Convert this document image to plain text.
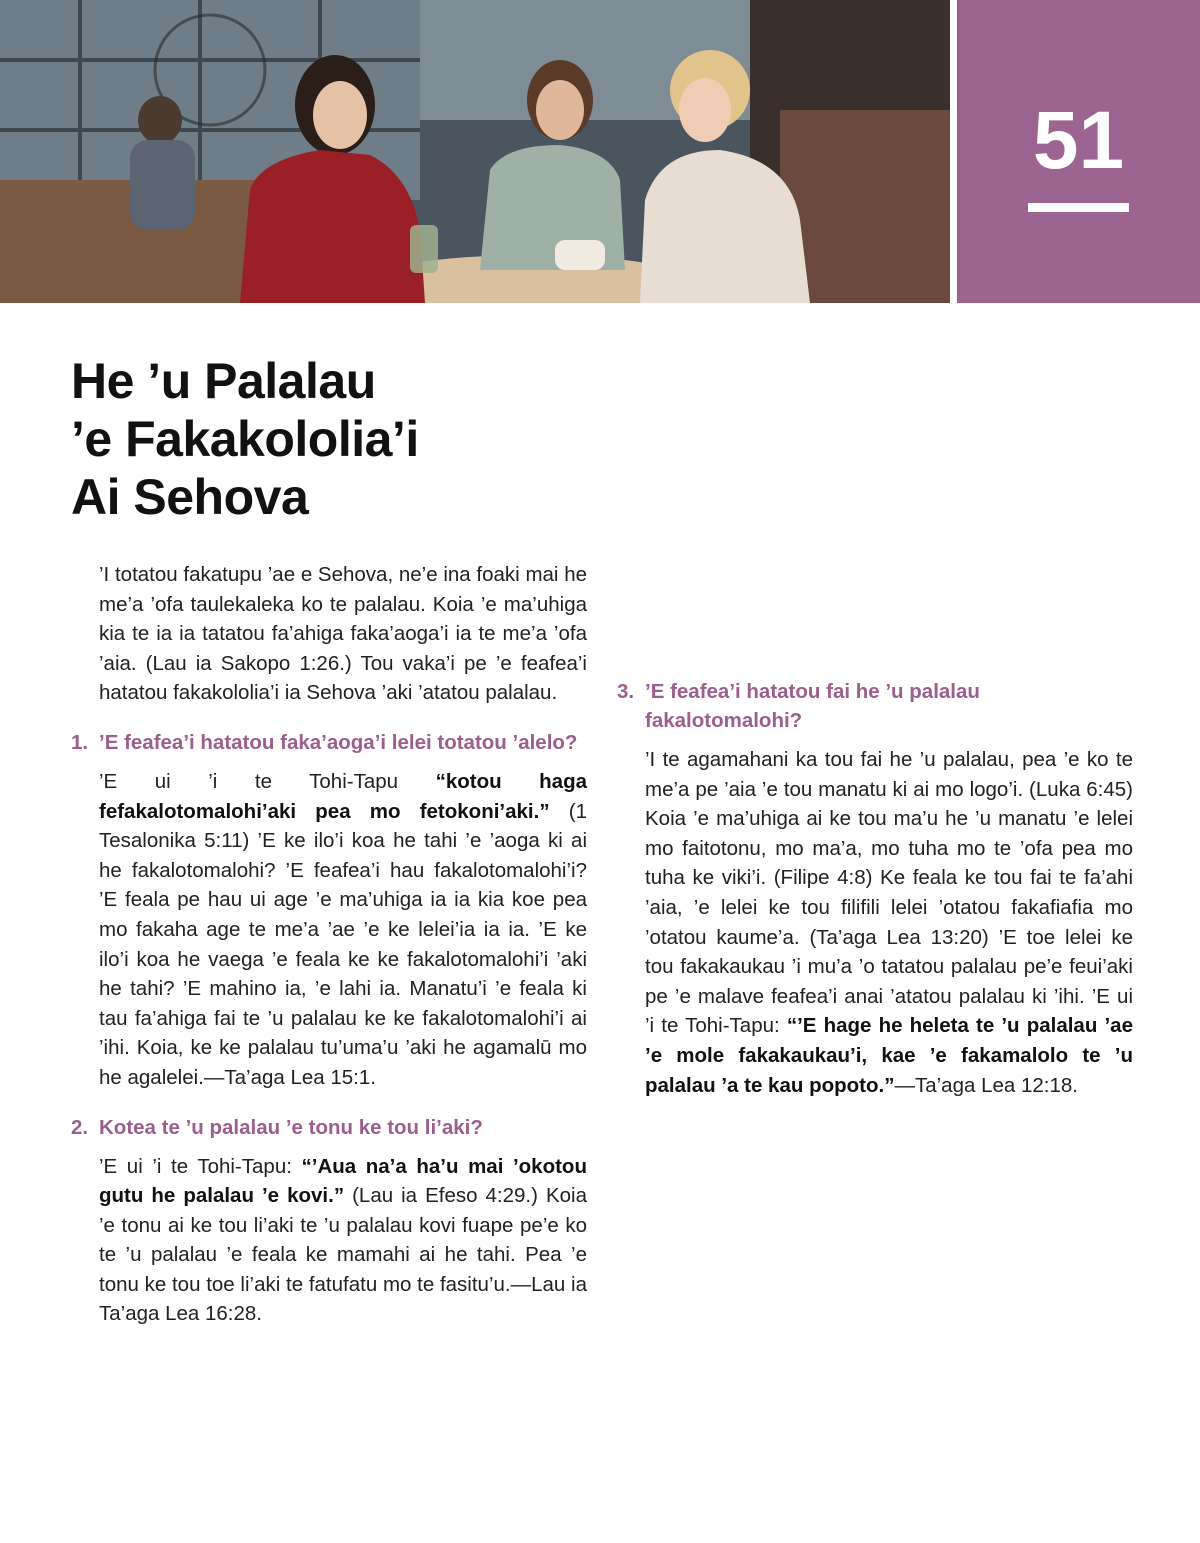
51
He ’u Palalau
’e Fakakololia’i
Ai Sehova

’I totatou fakatupu ’ae e Sehova, ne’e ina foaki mai he me’a ’ofa taulekaleka ko te palalau. Koia ’e ma’uhiga kia te ia ia tatatou fa’ahiga faka’aoga’i ia te me’a ’ofa ’aia. (Lau ia Sakopo 1:26.) Tou vaka’i pe ’e feafea’i hatatou fakakololia’i ia Sehova ’aki ’atatou palalau.

1. ’E feafea’i hatatou faka’aoga’i lelei totatou ’alelo?

’E ui ’i te Tohi-Tapu “kotou haga fefakalotomalohi’aki pea mo fetokoni’aki.” (1 Tesalonika 5:11) ’E ke ilo’i koa he tahi ’e ’aoga ki ai he fakalotomalohi? ’E feafea’i hau fakalotomalohi’i? ’E feala pe hau ui age ’e ma’uhiga ia ia kia koe pea mo fakaha age te me’a ’ae ’e ke lelei’ia ia ia. ’E ke ilo’i koa he vaega ’e feala ke ke fakalotomalohi’i ’aki he tahi? ’E mahino ia, ’e lahi ia. Manatu’i ’e feala ki tau fa’ahiga fai te ’u palalau ke ke fakalotomalohi’i ai ’ihi. Koia, ke ke palalau tu’uma’u ’aki he agamalū mo he agalelei.—Ta’aga Lea 15:1.

2. Kotea te ’u palalau ’e tonu ke tou li’aki?

’E ui ’i te Tohi-Tapu: “’Aua na’a ha’u mai ’okotou gutu he palalau ’e kovi.” (Lau ia Efeso 4:29.) Koia ’e tonu ai ke tou li’aki te ’u palalau kovi fuape pe’e ko te ’u palalau ’e feala ke mamahi ai he tahi. Pea ’e tonu ke tou toe li’aki te fatufatu mo te fasitu’u.—Lau ia Ta’aga Lea 16:28.

3. ’E feafea’i hatatou fai he ’u palalau fakalotomalohi?

’I te agamahani ka tou fai he ’u palalau, pea ’e ko te me’a pe ’aia ’e tou manatu ki ai mo logo’i. (Luka 6:45) Koia ’e ma’uhiga ai ke tou ma’u he ’u manatu ’e lelei mo faitotonu, mo ma’a, mo tuha mo te ’ofa pea mo tuha ke viki’i. (Filipe 4:8) Ke feala ke tou fai te fa’ahi ’aia, ’e lelei ke tou filifili lelei ’otatou fakafiafia mo ’otatou kaume’a. (Ta’aga Lea 13:20) ’E toe lelei ke tou fakakaukau ’i mu’a ’o tatatou palalau pe’e feui’aki pe ’e malave feafea’i anai ’atatou palalau ki ’ihi. ’E ui ’i te Tohi-Tapu: “’E hage he heleta te ’u palalau ’ae ’e mole fakakaukau’i, kae ’e fakamalolo te ’u palalau ’a te kau popoto.”—Ta’aga Lea 12:18.
